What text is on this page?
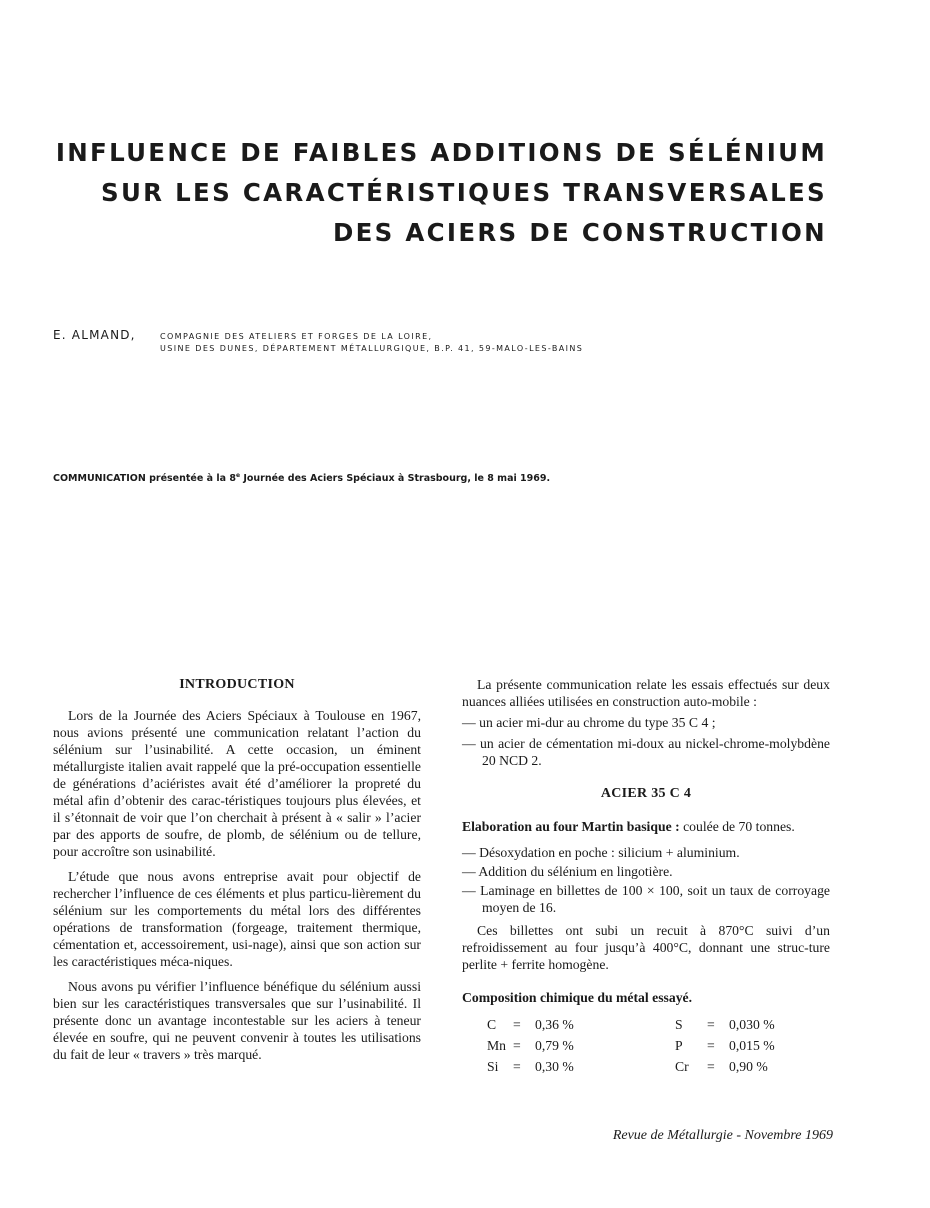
INFLUENCE DE FAIBLES ADDITIONS DE SÉLÉNIUM
SUR LES CARACTÉRISTIQUES TRANSVERSALES
DES ACIERS DE CONSTRUCTION
E. ALMAND,	COMPAGNIE DES ATELIERS ET FORGES DE LA LOIRE,
USINE DES DUNES, DÉPARTEMENT MÉTALLURGIQUE, B.P. 41, 59-MALO-LES-BAINS
COMMUNICATION présentée à la 8e Journée des Aciers Spéciaux à Strasbourg, le 8 mai 1969.
INTRODUCTION

Lors de la Journée des Aciers Spéciaux à Toulouse en 1967, nous avions présenté une communication relatant l’action du sélénium sur l’usinabilité. A cette occasion, un éminent métallurgiste italien avait rappelé que la pré-occupation essentielle de générations d’aciéristes avait été d’améliorer la propreté du métal afin d’obtenir des carac-téristiques toujours plus élevées, et il s’étonnait de voir que l’on cherchait à présent à « salir » l’acier par des apports de soufre, de plomb, de sélénium ou de tellure, pour accroître son usinabilité.

L’étude que nous avons entreprise avait pour objectif de rechercher l’influence de ces éléments et plus particu-lièrement du sélénium sur les comportements du métal lors des différentes opérations de transformation (forgeage, traitement thermique, cémentation et, accessoirement, usi-nage), ainsi que son action sur les caractéristiques méca-niques.

Nous avons pu vérifier l’influence bénéfique du sélénium aussi bien sur les caractéristiques transversales que sur l’usinabilité. Il présente donc un avantage incontestable sur les aciers à teneur élevée en soufre, qui ne peuvent convenir à toutes les utilisations du fait de leur « travers » très marqué.

La présente communication relate les essais effectués sur deux nuances alliées utilisées en construction auto-mobile :

— un acier mi-dur au chrome du type 35 C 4 ;

— un acier de cémentation mi-doux au nickel-chrome-molybdène 20 NCD 2.

ACIER 35 C 4

Elaboration au four Martin basique : coulée de 70 tonnes.

— Désoxydation en poche : silicium + aluminium.

— Addition du sélénium en lingotière.

— Laminage en billettes de 100 × 100, soit un taux de corroyage moyen de 16.

Ces billettes ont subi un recuit à 870°C suivi d’un refroidissement au four jusqu’à 400°C, donnant une struc-ture perlite + ferrite homogène.

Composition chimique du métal essayé.

C	=	0,36 %	S	=	0,030 %
Mn	=	0,79 %	P	=	0,015 %
Si	=	0,30 %	Cr	=	0,90 %
Revue de Métallurgie - Novembre 1969
